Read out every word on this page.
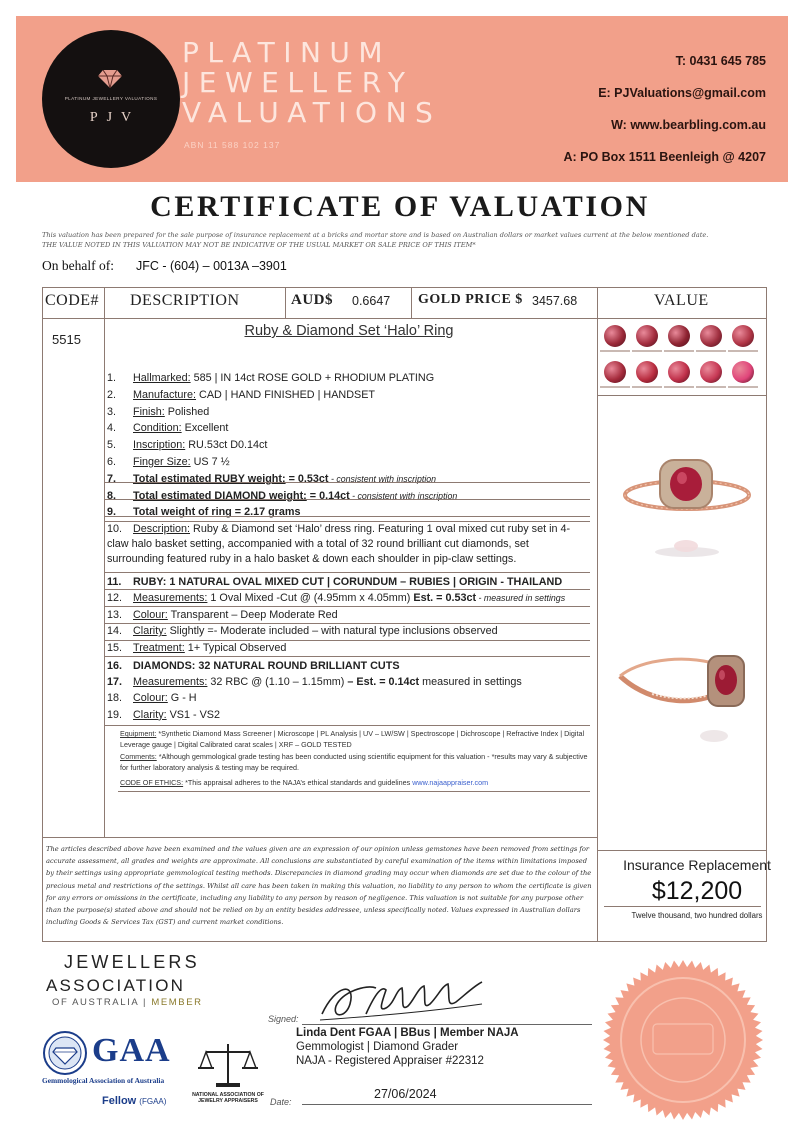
PLATINUM JEWELLERY VALUATIONS
PJV
PLATINUM
JEWELLERY
VALUATIONS
ABN 11 588 102 137
T: 0431 645 785
E: PJValuations@gmail.com
W: www.bearbling.com.au
A: PO Box 1511 Beenleigh @ 4207
CERTIFICATE OF VALUATION
This valuation has been prepared for the sale purpose of insurance replacement at a bricks and mortar store and is based on Australian dollars or market values current at the below mentioned date.
THE VALUE NOTED IN THIS VALUATION MAY NOT BE INDICATIVE OF THE USUAL MARKET OR SALE PRICE OF THIS ITEM*
On behalf of: JFC - (604) – 0013A –3901
CODE# DESCRIPTION	AUD$ 0.6647 GOLD PRICE $ 3457.68	VALUE
5515
Ruby & Diamond Set ‘Halo’ Ring
1. Hallmarked: 585 | IN 14ct ROSE GOLD + RHODIUM PLATING
2. Manufacture: CAD | HAND FINISHED | HANDSET
3. Finish: Polished
4. Condition: Excellent
5. Inscription: RU.53ct D0.14ct
6. Finger Size: US 7 ½
7. Total estimated RUBY weight: = 0.53ct - consistent with inscription
8. Total estimated DIAMOND weight: = 0.14ct - consistent with inscription
9. Total weight of ring = 2.17 grams
10. Description: Ruby & Diamond set ‘Halo’ dress ring. Featuring 1 oval mixed cut ruby set in 4-claw halo basket setting, accompanied with a total of 32 round brilliant cut diamonds, set surrounding featured ruby in a halo basket & down each shoulder in pip-claw settings.
11. RUBY: 1 NATURAL OVAL MIXED CUT | CORUNDUM – RUBIES | ORIGIN - THAILAND
12. Measurements: 1 Oval Mixed -Cut @ (4.95mm x 4.05mm) Est. = 0.53ct - measured in settings
13. Colour: Transparent – Deep Moderate Red
14. Clarity: Slightly =- Moderate included – with natural type inclusions observed
15. Treatment: 1+ Typical Observed
16. DIAMONDS: 32 NATURAL ROUND BRILLIANT CUTS
17. Measurements: 32 RBC @ (1.10 – 1.15mm) – Est. = 0.14ct measured in settings
18. Colour: G - H
19. Clarity: VS1 - VS2
Equipment: *Synthetic Diamond Mass Screener | Microscope | PL Analysis | UV – LW/SW | Spectroscope | Dichroscope | Refractive Index | Digital Leverage gauge | Digital Calibrated carat scales | XRF – GOLD TESTED
Comments: *Although gemmological grade testing has been conducted using scientific equipment for this valuation - *results may vary & subjective for further laboratory analysis & testing may be required.
CODE OF ETHICS: *This appraisal adheres to the NAJA’s ethical standards and guidelines www.najaappraiser.com
The articles described above have been examined and the values given are an expression of our opinion unless gemstones have been removed from settings for accurate assessment, all grades and weights are approximate. All conclusions are substantiated by careful examination of the items within limitations imposed by their settings using appropriate gemmological testing methods. Discrepancies in diamond grading may occur when diamonds are set due to the colour of the precious metal and restrictions of the settings. Whilst all care has been taken in making this valuation, no liability to any person to whom the certificate is given for any errors or omissions in the certificate, including any liability to any person by reason of negligence. This valuation is not suitable for any purpose other than the purpose(s) stated above and should not be relied on by an entity besides addressee, unless specifically noted. Values expressed in Australian dollars including Goods & Services Tax (GST) and current market conditions.
Insurance Replacement
$12,200
Twelve thousand, two hundred dollars
JEWELLERS
ASSOCIATION
OF AUSTRALIA | MEMBER
GAA
Gemmological Association of Australia
Fellow (FGAA)
NATIONAL ASSOCIATION OF JEWELRY APPRAISERS
Signed:
Linda Dent FGAA | BBus | Member NAJA
Gemmologist | Diamond Grader
NAJA - Registered Appraiser #22312
Date:
27/06/2024
